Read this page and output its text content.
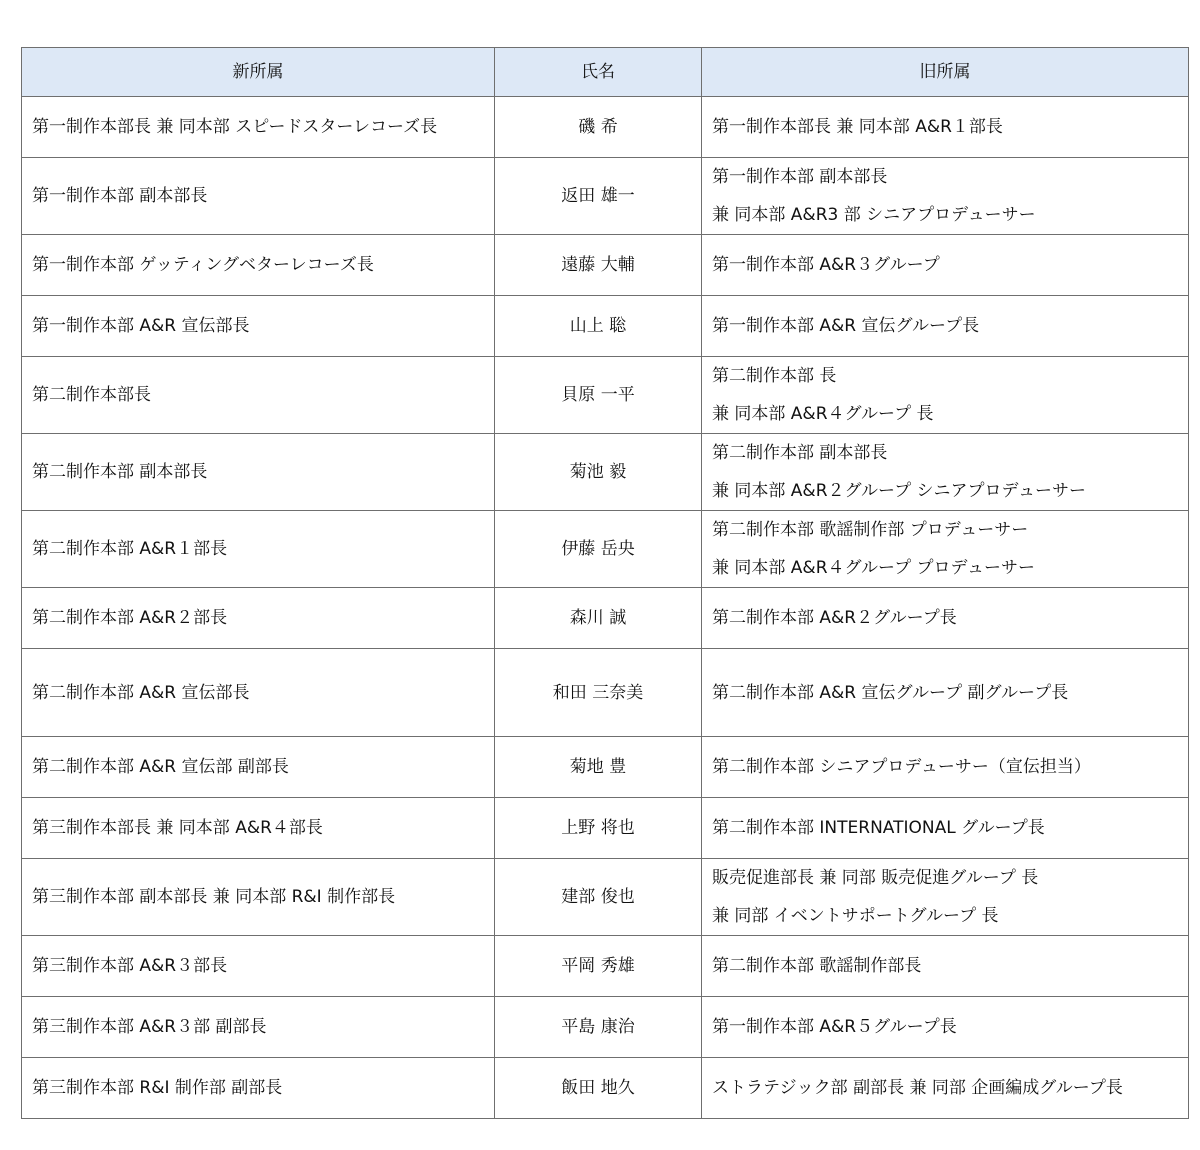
新所属	氏名	旧所属
第一制作本部長 兼 同本部 スピードスターレコーズ長	磯 希	第一制作本部長 兼 同本部 A&R１部長
第一制作本部 副本部長	返田 雄一	第一制作本部 副本部長
兼 同本部 A&R3 部 シニアプロデューサー

第一制作本部 ゲッティングベターレコーズ長	遠藤 大輔	第一制作本部 A&R３グループ
第一制作本部 A&R 宣伝部長	山上 聡	第一制作本部 A&R 宣伝グループ長
第二制作本部長	貝原 一平	第二制作本部 長
兼 同本部 A&R４グループ 長

第二制作本部 副本部長	菊池 毅	第二制作本部 副本部長
兼 同本部 A&R２グループ シニアプロデューサー

第二制作本部 A&R１部長	伊藤 岳央	第二制作本部 歌謡制作部 プロデューサー
兼 同本部 A&R４グループ プロデューサー

第二制作本部 A&R２部長	森川 誠	第二制作本部 A&R２グループ長
第二制作本部 A&R 宣伝部長	和田 三奈美	第二制作本部 A&R 宣伝グループ 副グループ長
第二制作本部 A&R 宣伝部 副部長	菊地 豊	第二制作本部 シニアプロデューサー（宣伝担当）
第三制作本部長 兼 同本部 A&R４部長	上野 将也	第二制作本部 INTERNATIONAL グループ長
第三制作本部 副本部長 兼 同本部 R&I 制作部長	建部 俊也	販売促進部長 兼 同部 販売促進グループ 長
兼 同部 イベントサポートグループ 長

第三制作本部 A&R３部長	平岡 秀雄	第二制作本部 歌謡制作部長
第三制作本部 A&R３部 副部長	平島 康治	第一制作本部 A&R５グループ長
第三制作本部 R&I 制作部 副部長	飯田 地久	ストラテジック部 副部長 兼 同部 企画編成グループ長
